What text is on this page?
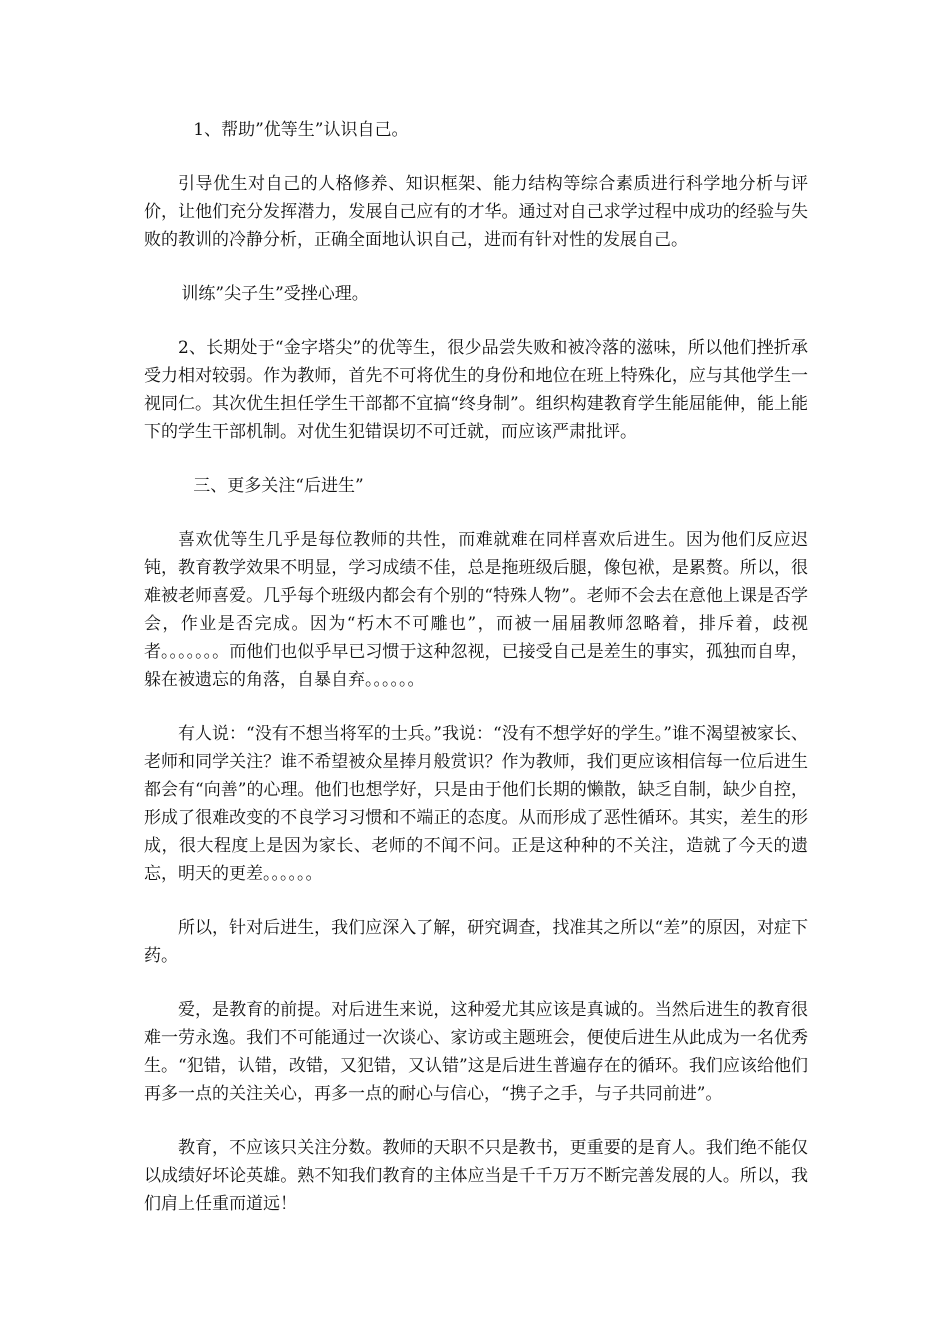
1、帮助”优等生”认识自己。

引导优生对自己的人格修养、知识框架、能力结构等综合素质进行科学地分析与评价，让他们充分发挥潜力，发展自己应有的才华。通过对自己求学过程中成功的经验与失败的教训的冷静分析，正确全面地认识自己，进而有针对性的发展自己。

训练”尖子生”受挫心理。

2、长期处于“金字塔尖”的优等生，很少品尝失败和被冷落的滋味，所以他们挫折承受力相对较弱。作为教师，首先不可将优生的身份和地位在班上特殊化，应与其他学生一视同仁。其次优生担任学生干部都不宜搞“终身制”。组织构建教育学生能屈能伸，能上能下的学生干部机制。对优生犯错误切不可迁就，而应该严肃批评。

三、更多关注“后进生”

喜欢优等生几乎是每位教师的共性，而难就难在同样喜欢后进生。因为他们反应迟钝，教育教学效果不明显，学习成绩不佳，总是拖班级后腿，像包袱，是累赘。所以，很难被老师喜爱。几乎每个班级内都会有个别的“特殊人物”。老师不会去在意他上课是否学会，作业是否完成。因为“朽木不可雕也”，而被一届届教师忽略着，排斥着，歧视者。。。。。。。而他们也似乎早已习惯于这种忽视，已接受自己是差生的事实，孤独而自卑，躲在被遗忘的角落，自暴自弃。。。。。。

有人说：“没有不想当将军的士兵。”我说：“没有不想学好的学生。”谁不渴望被家长、老师和同学关注？谁不希望被众星捧月般赏识？作为教师，我们更应该相信每一位后进生都会有“向善”的心理。他们也想学好，只是由于他们长期的懒散，缺乏自制，缺少自控，形成了很难改变的不良学习习惯和不端正的态度。从而形成了恶性循环。其实，差生的形成，很大程度上是因为家长、老师的不闻不问。正是这种种的不关注，造就了今天的遗忘，明天的更差。。。。。。

所以，针对后进生，我们应深入了解，研究调查，找准其之所以“差”的原因，对症下药。

爱，是教育的前提。对后进生来说，这种爱尤其应该是真诚的。当然后进生的教育很难一劳永逸。我们不可能通过一次谈心、家访或主题班会，便使后进生从此成为一名优秀生。“犯错，认错，改错，又犯错，又认错”这是后进生普遍存在的循环。我们应该给他们再多一点的关注关心，再多一点的耐心与信心，“携子之手，与子共同前进”。

教育，不应该只关注分数。教师的天职不只是教书，更重要的是育人。我们绝不能仅以成绩好坏论英雄。熟不知我们教育的主体应当是千千万万不断完善发展的人。所以，我们肩上任重而道远！
